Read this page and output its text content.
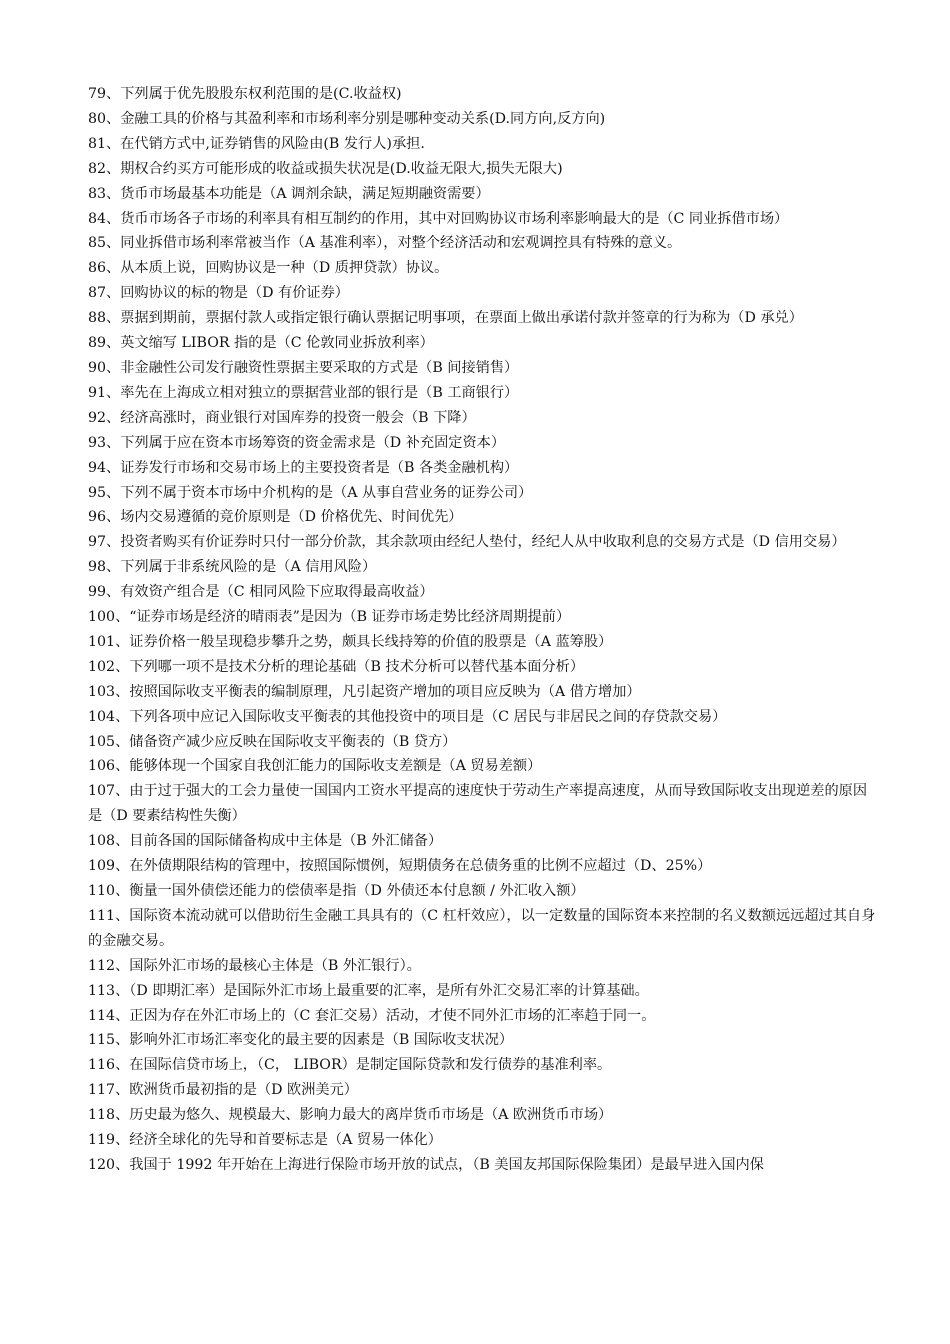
79、下列属于优先股股东权利范围的是(C.收益权)

80、金融工具的价格与其盈利率和市场利率分别是哪种变动关系(D.同方向,反方向)

81、在代销方式中,证券销售的风险由(B 发行人)承担.

82、期权合约买方可能形成的收益或损失状况是(D.收益无限大,损失无限大)

83、货币市场最基本功能是（A 调剂余缺，满足短期融资需要）

84、货币市场各子市场的利率具有相互制约的作用，其中对回购协议市场利率影响最大的是（C 同业拆借市场）

85、同业拆借市场利率常被当作（A 基准利率），对整个经济活动和宏观调控具有特殊的意义。

86、从本质上说，回购协议是一种（D 质押贷款）协议。

87、回购协议的标的物是（D 有价证券）

88、票据到期前，票据付款人或指定银行确认票据记明事项，在票面上做出承诺付款并签章的行为称为（D 承兑）

89、英文缩写 LIBOR 指的是（C 伦敦同业拆放利率）

90、非金融性公司发行融资性票据主要采取的方式是（B 间接销售）

91、率先在上海成立相对独立的票据营业部的银行是（B 工商银行）

92、经济高涨时，商业银行对国库券的投资一般会（B 下降）

93、下列属于应在资本市场筹资的资金需求是（D 补充固定资本）

94、证券发行市场和交易市场上的主要投资者是（B 各类金融机构）

95、下列不属于资本市场中介机构的是（A 从事自营业务的证券公司）

96、场内交易遵循的竞价原则是（D 价格优先、时间优先）

97、投资者购买有价证券时只付一部分价款，其余款项由经纪人垫付，经纪人从中收取利息的交易方式是（D 信用交易）

98、下列属于非系统风险的是（A 信用风险）

99、有效资产组合是（C 相同风险下应取得最高收益）

100、“证券市场是经济的晴雨表”是因为（B 证券市场走势比经济周期提前）

101、证券价格一般呈现稳步攀升之势，颇具长线持筹的价值的股票是（A 蓝筹股）

102、下列哪一项不是技术分析的理论基础（B 技术分析可以替代基本面分析）

103、按照国际收支平衡表的编制原理，凡引起资产增加的项目应反映为（A 借方增加）

104、下列各项中应记入国际收支平衡表的其他投资中的项目是（C 居民与非居民之间的存贷款交易）

105、储备资产减少应反映在国际收支平衡表的（B 贷方）

106、能够体现一个国家自我创汇能力的国际收支差额是（A 贸易差额）

107、由于过于强大的工会力量使一国国内工资水平提高的速度快于劳动生产率提高速度，从而导致国际收支出现逆差的原因是（D 要素结构性失衡）

108、目前各国的国际储备构成中主体是（B 外汇储备）

109、在外债期限结构的管理中，按照国际惯例，短期债务在总债务重的比例不应超过（D、25%）

110、衡量一国外债偿还能力的偿债率是指（D 外债还本付息额 / 外汇收入额）

111、国际资本流动就可以借助衍生金融工具具有的（C 杠杆效应），以一定数量的国际资本来控制的名义数额远远超过其自身的金融交易。

112、国际外汇市场的最核心主体是（B 外汇银行）。

113、（D 即期汇率）是国际外汇市场上最重要的汇率，是所有外汇交易汇率的计算基础。

114、正因为存在外汇市场上的（C 套汇交易）活动，才使不同外汇市场的汇率趋于同一。

115、影响外汇市场汇率变化的最主要的因素是（B 国际收支状况）

116、在国际信贷市场上，（C， LIBOR）是制定国际贷款和发行债券的基准利率。

117、欧洲货币最初指的是（D 欧洲美元）

118、历史最为悠久、规模最大、影响力最大的离岸货币市场是（A 欧洲货币市场）

119、经济全球化的先导和首要标志是（A 贸易一体化）

120、我国于 1992 年开始在上海进行保险市场开放的试点，（B 美国友邦国际保险集团）是最早进入国内保
